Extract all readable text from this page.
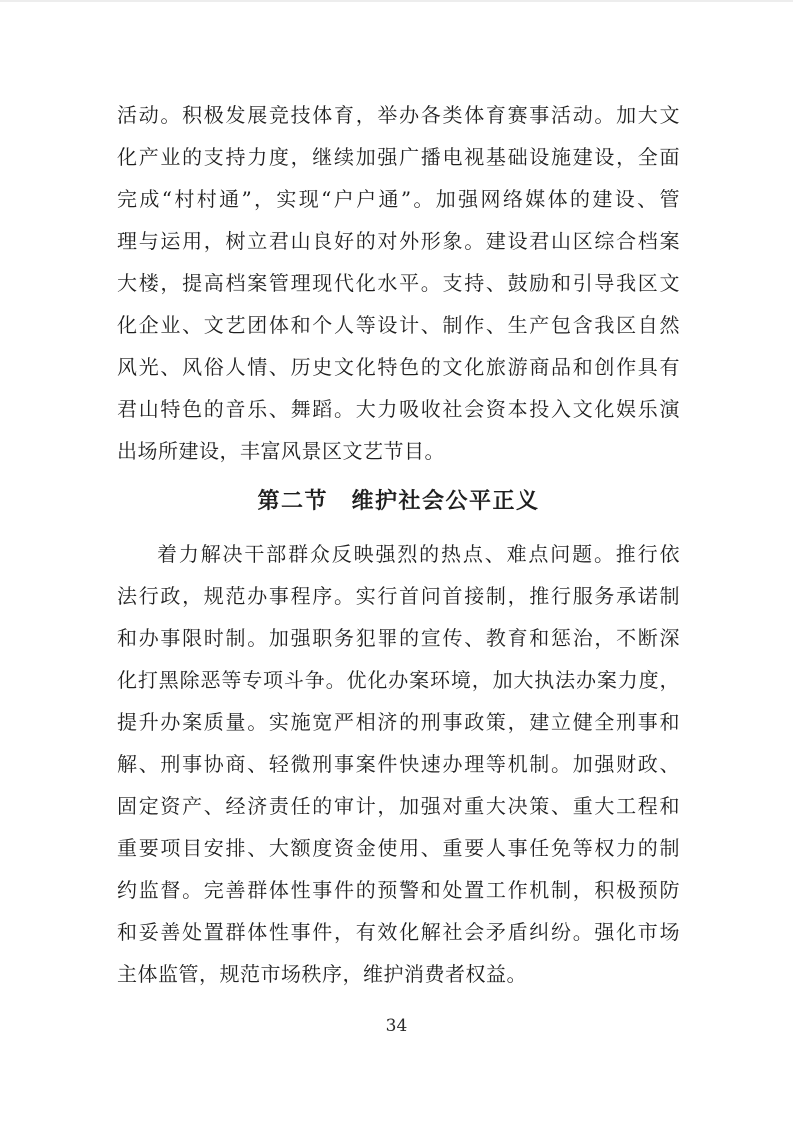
活动。积极发展竞技体育，举办各类体育赛事活动。加大文
化产业的支持力度，继续加强广播电视基础设施建设，全面
完成“村村通”，实现“户户通”。加强网络媒体的建设、管
理与运用，树立君山良好的对外形象。建设君山区综合档案
大楼，提高档案管理现代化水平。支持、鼓励和引导我区文
化企业、文艺团体和个人等设计、制作、生产包含我区自然
风光、风俗人情、历史文化特色的文化旅游商品和创作具有
君山特色的音乐、舞蹈。大力吸收社会资本投入文化娱乐演
出场所建设，丰富风景区文艺节目。
第二节　维护社会公平正义
着力解决干部群众反映强烈的热点、难点问题。推行依
法行政，规范办事程序。实行首问首接制，推行服务承诺制
和办事限时制。加强职务犯罪的宣传、教育和惩治，不断深
化打黑除恶等专项斗争。优化办案环境，加大执法办案力度，
提升办案质量。实施宽严相济的刑事政策，建立健全刑事和
解、刑事协商、轻微刑事案件快速办理等机制。加强财政、
固定资产、经济责任的审计，加强对重大决策、重大工程和
重要项目安排、大额度资金使用、重要人事任免等权力的制
约监督。完善群体性事件的预警和处置工作机制，积极预防
和妥善处置群体性事件，有效化解社会矛盾纠纷。强化市场
主体监管，规范市场秩序，维护消费者权益。
34
